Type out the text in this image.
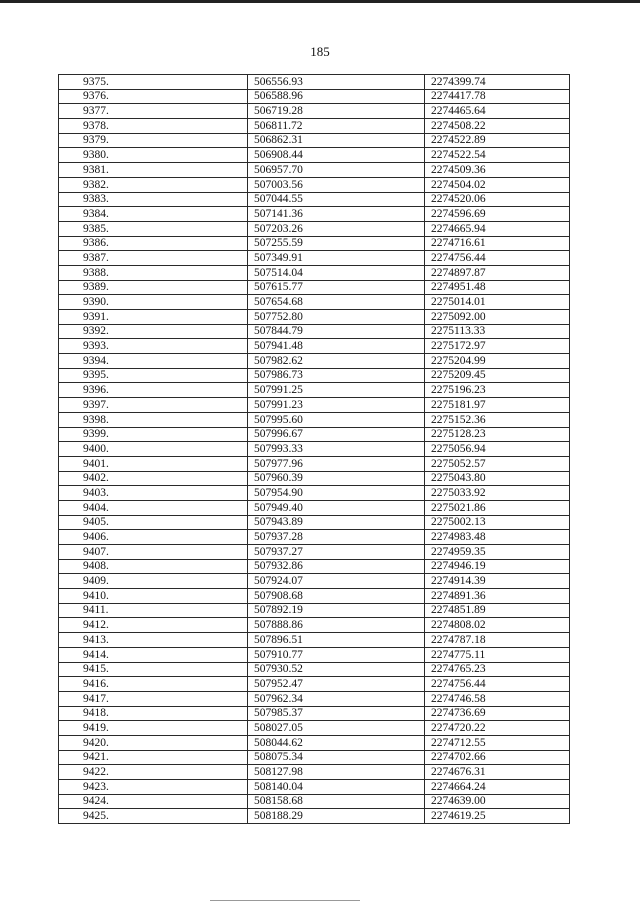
185
9375.	506556.93	2274399.74
9376.	506588.96	2274417.78
9377.	506719.28	2274465.64
9378.	506811.72	2274508.22
9379.	506862.31	2274522.89
9380.	506908.44	2274522.54
9381.	506957.70	2274509.36
9382.	507003.56	2274504.02
9383.	507044.55	2274520.06
9384.	507141.36	2274596.69
9385.	507203.26	2274665.94
9386.	507255.59	2274716.61
9387.	507349.91	2274756.44
9388.	507514.04	2274897.87
9389.	507615.77	2274951.48
9390.	507654.68	2275014.01
9391.	507752.80	2275092.00
9392.	507844.79	2275113.33
9393.	507941.48	2275172.97
9394.	507982.62	2275204.99
9395.	507986.73	2275209.45
9396.	507991.25	2275196.23
9397.	507991.23	2275181.97
9398.	507995.60	2275152.36
9399.	507996.67	2275128.23
9400.	507993.33	2275056.94
9401.	507977.96	2275052.57
9402.	507960.39	2275043.80
9403.	507954.90	2275033.92
9404.	507949.40	2275021.86
9405.	507943.89	2275002.13
9406.	507937.28	2274983.48
9407.	507937.27	2274959.35
9408.	507932.86	2274946.19
9409.	507924.07	2274914.39
9410.	507908.68	2274891.36
9411.	507892.19	2274851.89
9412.	507888.86	2274808.02
9413.	507896.51	2274787.18
9414.	507910.77	2274775.11
9415.	507930.52	2274765.23
9416.	507952.47	2274756.44
9417.	507962.34	2274746.58
9418.	507985.37	2274736.69
9419.	508027.05	2274720.22
9420.	508044.62	2274712.55
9421.	508075.34	2274702.66
9422.	508127.98	2274676.31
9423.	508140.04	2274664.24
9424.	508158.68	2274639.00
9425.	508188.29	2274619.25
